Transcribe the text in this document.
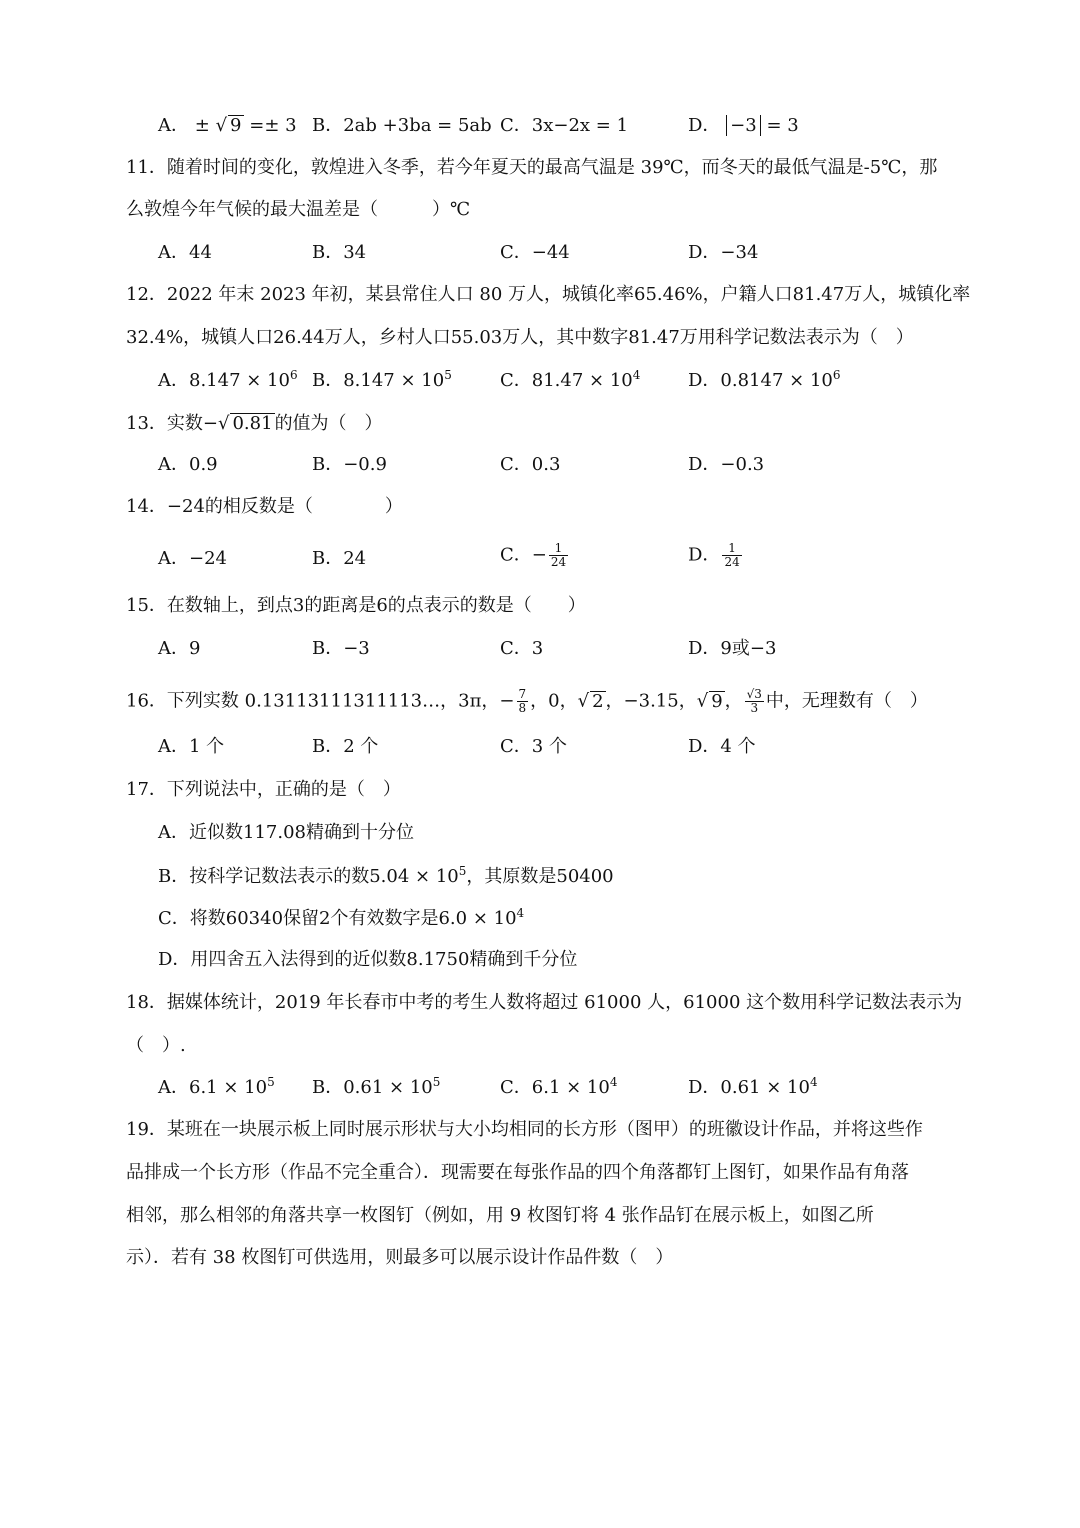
A． ± √ 9 =± 3 B．2ab +3ba = 5ab C．3x−2x = 1	D． −3 = 3
11．随着时间的变化，敦煌进入冬季，若今年夏天的最高气温是 39℃，而冬天的最低气温是-5℃，那
么敦煌今年气候的最大温差是（　　　）℃
A．44	B．34	C．−44	D．−34
12．2022 年末 2023 年初，某县常住人口 80 万人，城镇化率65.46%，户籍人口81.47万人，城镇化率
32.4%，城镇人口26.44万人，乡村人口55.03万人，其中数字81.47万用科学记数法表示为（　）
A．$8.147 \times 10^6$ B．$8.147 \times 10^5$	C．$81.47 \times 10^4$	D．$0.8147 \times 10^6$
13．实数−√ 0.81 的值为（　）
A．0.9	B．−0.9	C．0.3	D．−0.3
14．−24的相反数是（　　　　）
A．−24	B．24	C．− $\frac{1}{24}$	D． $\frac{1}{24}$
15．在数轴上，到点3的距离是6的点表示的数是（　　）
A．9	B．−3	C．3	D．9或−3
16．下列实数 0.13113111311113…，3π，− $\frac{7}{8}$ ，0，√ 2 ，−3.15，√ 9 ， $\frac{√3}{3}$ 中，无理数有（　）
A．1 个	B．2 个	C．3 个	D．4 个
17．下列说法中，正确的是（　）
A．近似数117.08精确到十分位
B．按科学记数法表示的数$5.04 \times 10^5$，其原数是50400
C．将数60340保留2个有效数字是$6.0 \times 10^4$
D．用四舍五入法得到的近似数8.1750精确到千分位
18．据媒体统计，2019 年长春市中考的考生人数将超过 61000 人，61000 这个数用科学记数法表示为
（　）.
A．$6.1 \times 10^5$ B．$0.61 \times 10^5$	C．$6.1 \times 10^4$	D．$0.61 \times 10^4$
19．某班在一块展示板上同时展示形状与大小均相同的长方形（图甲）的班徽设计作品，并将这些作
品排成一个长方形（作品不完全重合）．现需要在每张作品的四个角落都钉上图钉，如果作品有角落
相邻，那么相邻的角落共享一枚图钉（例如，用 9 枚图钉将 4 张作品钉在展示板上，如图乙所
示）．若有 38 枚图钉可供选用，则最多可以展示设计作品件数（　）
